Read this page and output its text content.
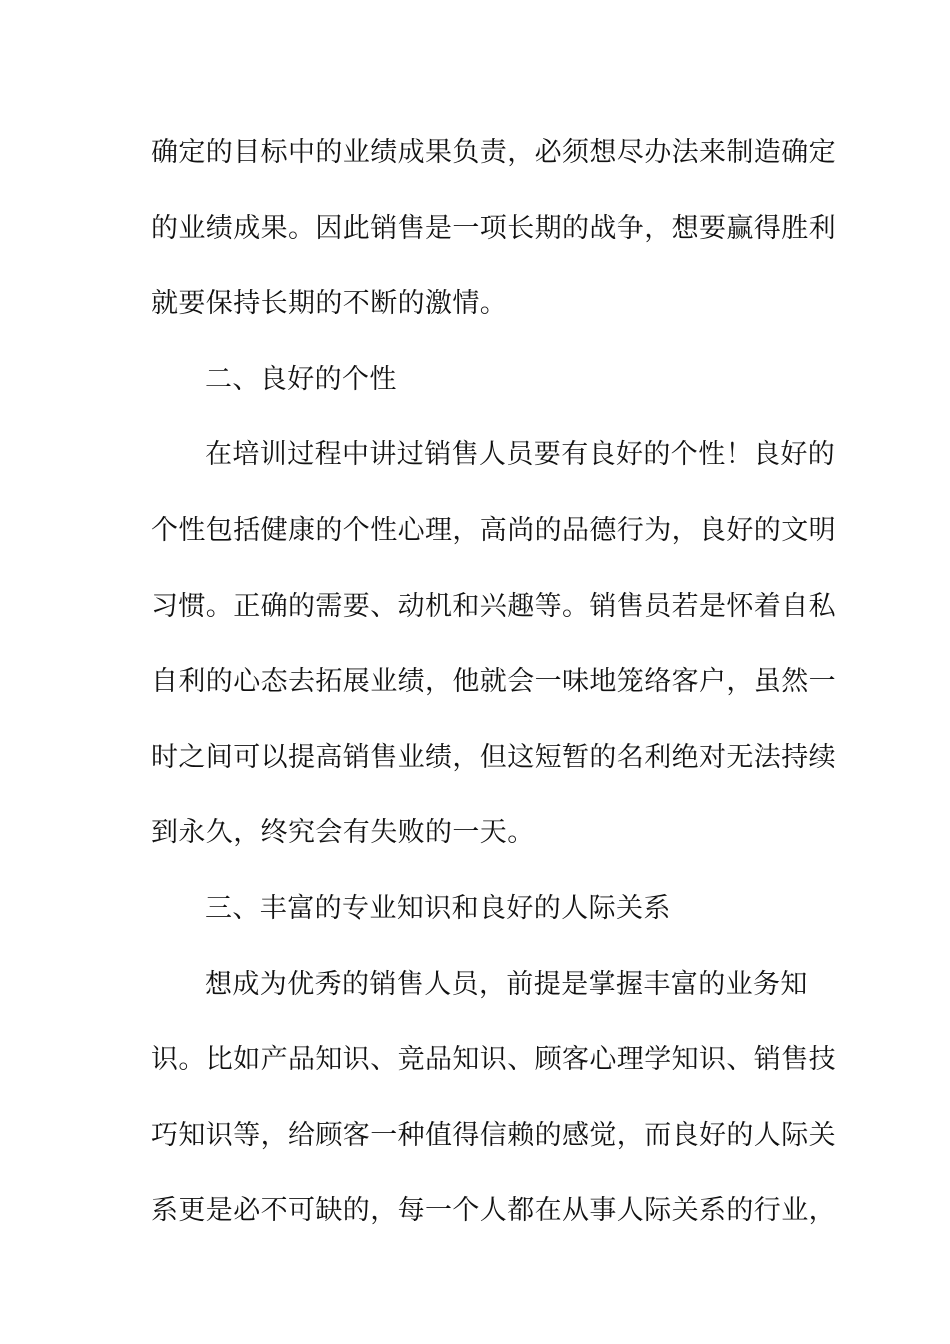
确定的目标中的业绩成果负责，必须想尽办法来制造确定
的业绩成果。因此销售是一项长期的战争，想要赢得胜利
就要保持长期的不断的激情。
二、良好的个性
在培训过程中讲过销售人员要有良好的个性！良好的
个性包括健康的个性心理，高尚的品德行为，良好的文明
习惯。正确的需要、动机和兴趣等。销售员若是怀着自私
自利的心态去拓展业绩，他就会一味地笼络客户，虽然一
时之间可以提高销售业绩，但这短暂的名利绝对无法持续
到永久，终究会有失败的一天。
三、丰富的专业知识和良好的人际关系
想成为优秀的销售人员，前提是掌握丰富的业务知
识。比如产品知识、竞品知识、顾客心理学知识、销售技
巧知识等，给顾客一种值得信赖的感觉，而良好的人际关
系更是必不可缺的，每一个人都在从事人际关系的行业，
